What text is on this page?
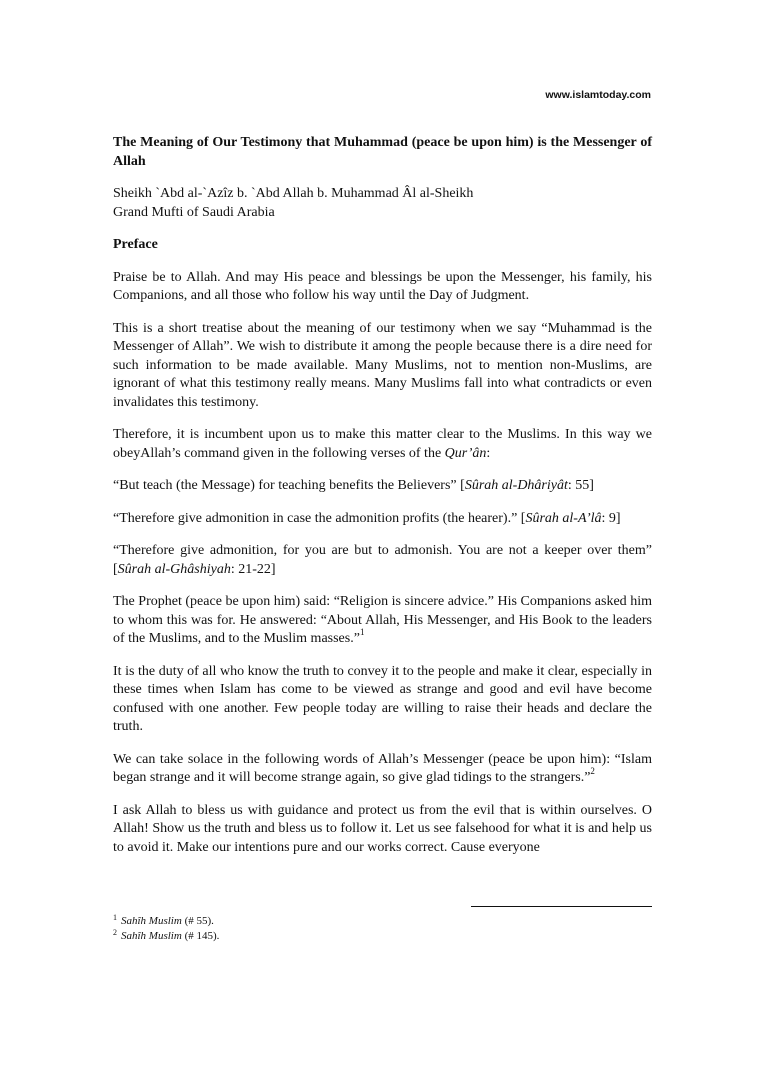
www.islamtoday.com

The Meaning of Our Testimony that Muhammad (peace be upon him) is the Messenger of Allah

Sheikh `Abd al-`Azîz b. `Abd Allah b. Muhammad Âl al-Sheikh
Grand Mufti of Saudi Arabia

Preface

Praise be to Allah. And may His peace and blessings be upon the Messenger, his family, his Companions, and all those who follow his way until the Day of Judgment.

This is a short treatise about the meaning of our testimony when we say “Muhammad is the Messenger of Allah”. We wish to distribute it among the people because there is a dire need for such information to be made available. Many Muslims, not to mention non-Muslims, are ignorant of what this testimony really means. Many Muslims fall into what contradicts or even invalidates this testimony.

Therefore, it is incumbent upon us to make this matter clear to the Muslims. In this way we obeyAllah’s command given in the following verses of the Qur’ân:

“But teach (the Message) for teaching benefits the Believers” [Sûrah al-Dhâriyât: 55]

“Therefore give admonition in case the admonition profits (the hearer).” [Sûrah al-A’lâ: 9]

“Therefore give admonition, for you are but to admonish. You are not a keeper over them” [Sûrah al-Ghâshiyah: 21-22]

The Prophet (peace be upon him) said: “Religion is sincere advice.” His Companions asked him to whom this was for. He answered: “About Allah, His Messenger, and His Book to the leaders of the Muslims, and to the Muslim masses.”$^1$

It is the duty of all who know the truth to convey it to the people and make it clear, especially in these times when Islam has come to be viewed as strange and good and evil have become confused with one another. Few people today are willing to raise their heads and declare the truth.

We can take solace in the following words of Allah’s Messenger (peace be upon him): “Islam began strange and it will become strange again, so give glad tidings to the strangers.”$^2$

I ask Allah to bless us with guidance and protect us from the evil that is within ourselves. O Allah! Show us the truth and bless us to follow it. Let us see falsehood for what it is and help us to avoid it. Make our intentions pure and our works correct. Cause everyone

$^1$ Sahîh Muslim (# 55).
$^2$ Sahîh Muslim (# 145).
